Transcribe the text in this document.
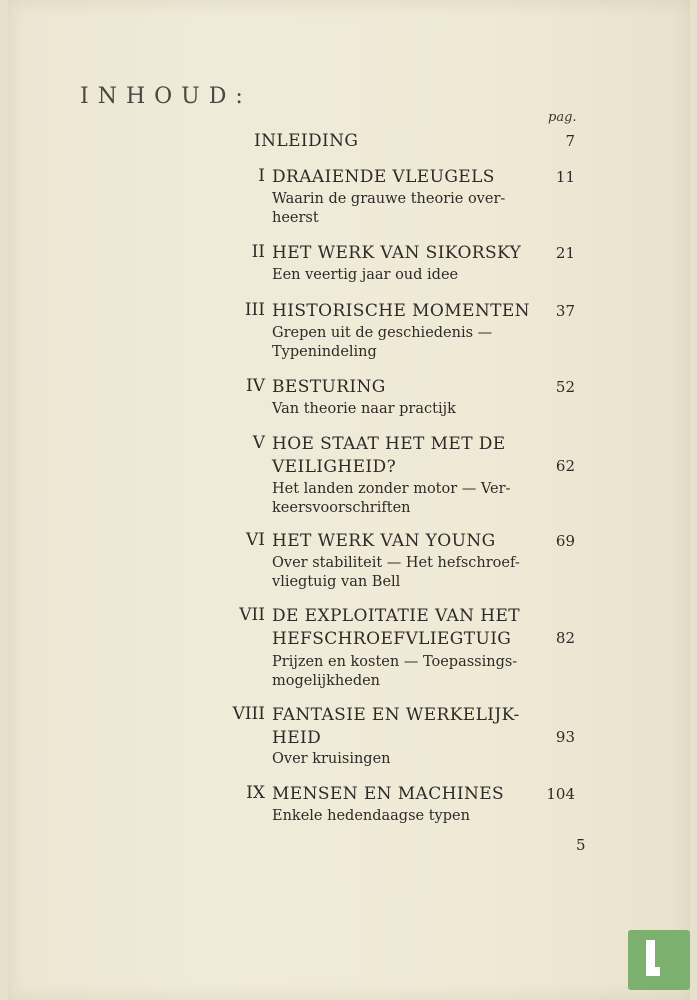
INHOUD:
pag.
5
INLEIDING	7
I DRAAIENDE VLEUGELS	11
Waarin de grauwe theorie over-
heerst
II HET WERK VAN SIKORSKY	21
Een veertig jaar oud idee
III HISTORISCHE MOMENTEN 37
Grepen uit de geschiedenis —
Typenindeling
IV BESTURING	52
Van theorie naar practijk
V HOE STAAT HET MET DE
VEILIGHEID?	62
Het landen zonder motor — Ver-
keersvoorschriften
VI HET WERK VAN YOUNG	69
Over stabiliteit — Het hefschroef-
vliegtuig van Bell
VII DE EXPLOITATIE VAN HET
HEFSCHROEFVLIEGTUIG	82
Prijzen en kosten — Toepassings-
mogelijkheden
VIII FANTASIE EN WERKELIJK-
HEID	93
Over kruisingen
IX MENSEN EN MACHINES	104
Enkele hedendaagse typen
